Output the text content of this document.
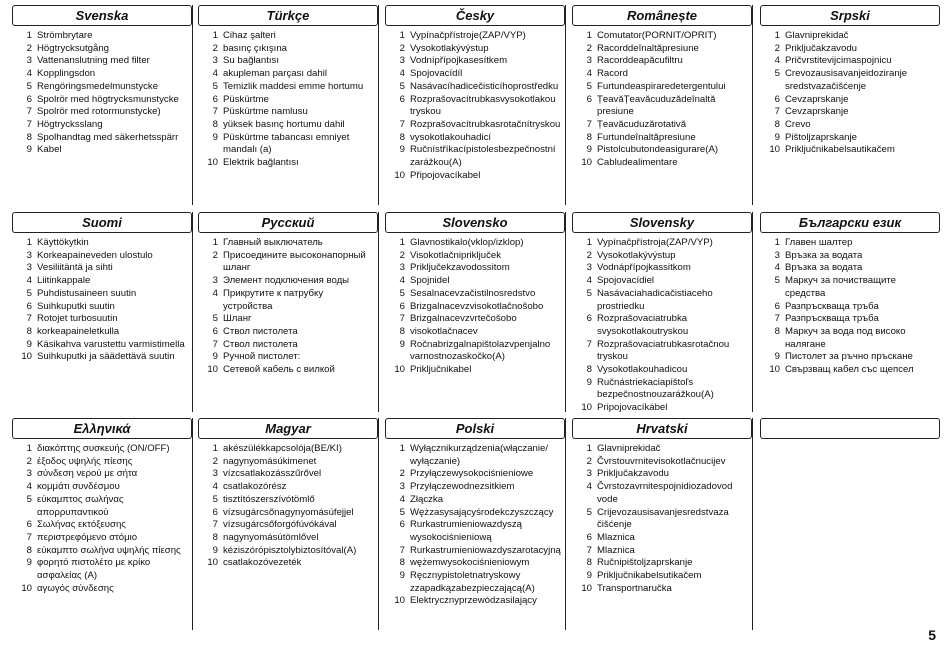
Svenska
1 Strömbrytare
2 Högtrycksutgång
3 Vattenanslutning med filter
4 Kopplingsdon
5 Rengöringsmedelmunstycke
6 Spolrör med högtrycksmunstycke
7 Spolrör med rotormunstycke)
7 Högtrycksslang
8 Spolhandtag med säkerhetsspärr
9 Kabel
Türkçe
1 Cihaz şalteri
2 basınç çıkışına
3 Su bağlantısı
4 akupleman parçası dahil
5 Temizlik maddesi emme hortumu
6 Püskürtme
7 Püskürtme namlusu
8 yüksek basınç hortumu dahil
9 Püskürtme tabancası emniyet mandalı (a)
10 Elektrik bağlantısı
Česky
1 Vypínačpřístroje(ZAP/VYP)
2 Vysokotlakývýstup
3 Vodnípřípojkasesítkem
4 Spojovacídíl
5 Nasávacíhadicečisticíhoprostředku
6 Rozprašovacítrubkasvysokotlakou tryskou
7 Rozprašovacítrubkasrotačnítryskou
8 vysokotlakouhadicí
9 Ručnístříkacípistolesbezpečnostní zarážkou(A)
10 Připojovacíkabel
Românește
1 Comutator(PORNIT/OPRIT)
2 Racorddeînaltăpresiune
3 Racorddeapăcufiltru
4 Racord
5 Furtundeaspiraredetergentului
6 ȚeavăȚeavăcuduzădeînaltă presiune
7 Țeavăcuduzărotativă
8 Furtundeînaltăpresiune
9 Pistolcubutondeasigurare(A)
10 Cabludealimentare
Srpski
1 Glavniprekidač
2 Priključakzavodu
4 Pričvrstitevijcimaspojnicu
5 Crevozausisavanjeidoziranje sredstvazačišćenje
6 Cevzaprskanje
7 Cevzaprskanje
8 Crevo
9 Pištoljzaprskanje
10 Priključnikabelsautikačem
Suomi
1 Käyttökytkin
3 Korkeapaineveden ulostulo
3 Vesiliitäntä ja sihti
4 Liitinkappale
5 Puhdistusaineen suutin
6 Suihkuputki suutin
7 Rotojet turbosuutin
8 korkeapaineletkulla
9 Käsikahva varustettu varmistimella
10 Suihkuputki ja säädettävä suutin
Русский
1 Главный выключатель
2 Присоедините высоконапорный шланг
3 Элемент подключения воды
4 Прикрутите к патрубку устройства
5 Шланг
6 Ствол пистолета
7 Ствол пистолета
9 Ручной пистолет:
10 Сетевой кабель с вилкой
Slovensko
1 Glavnostikalo(vklop/izklop)
2 Visokotlačnipriključek
3 Priključekzavodossitom
4 Spojnidel
5 Sesalnacevzačistilnosredstvo
6 Brizgalnacevzvisokotlačnošobo
7 Brizgalnacevzvrtečošobo
8 visokotlačnacev
9 Ročnabrizgalnapištolazvpenjalno varnostnozaskočko(A)
10 Priključnikabel
Slovensky
1 Vypínačpřístroja(ZAP/VYP)
2 Vysokotlakývýstup
3 Vodnápřípojkassitkom
4 Spojovacídiel
5 Nasávaciahadicačistiaceho prostriedku
6 Rozprašovaciatrubka svysokotlakoutryskou
7 Rozprašovaciatrubkasrotačnou tryskou
8 Vysokotlakouhadicou
9 Ručnástriekaciapištoľs bezpečnostnouzarážkou(A)
10 Pripojovacíkábel
Български език
1 Главен шалтер
3 Връзка за водата
4 Връзка за водата
5 Маркуч за почистващите средства
6 Разпръскваща тръба
7 Разпръскваща тръба
8 Маркуч за вода под високо налягане
9 Пистолет за ръчно пръскане
10 Свързващ кабел със щепсел
Ελληνικά
1 διακόπτης συσκευής (ON/OFF)
2 έξοδος υψηλής πίεσης
3 σύνδεση νερού με σήτα
4 κομμάτι συνδέσμου
5 εύκαμπτος σωλήνας απορρυπαντικού
6 Σωλήνας εκτόξευσης
7 περιστρεφόμενο στόμιο
8 εύκαμπτο σωλήνα υψηλής πίεσης
9 φορητό πιστολέτο με κρίκο ασφαλείας (A)
10 αγωγός σύνδεσης
Magyar
1 akészülékkapcsolója(BE/KI)
2 nagynyomásúkimenet
3 vízcsatlakozásszűrővel
4 csatlakozórész
5 tisztítószerszívótömlő
6 vízsugárcsőnagynyomásúfejjel
7 vízsugárcsőforgófúvókával
8 nagynyomásútömlővel
9 kéziszórópisztolybiztosítóval(A)
10 csatlakozóvezeték
Polski
1 Wyłącznikurządzenia(włączanie/ wyłączanie)
2 Przyłączewysokociśnieniowe
3 Przyłączewodnezsitkiem
4 Złączka
5 Wężzasysającyśrodekczyszczący
6 Rurkastrumieniowazdyszą wysokociśnieniową
7 Rurkastrumieniowazdyszarotacyjną
8 wężemwysokociśnieniowym
9 Ręcznypistoletnatryskowy zzapadkązabezpieczającą(A)
10 Elektrycznyprzewódzasilający
Hrvatski
1 Glavniprekidač
2 Čvrstouvrnitevisokotlačnucijev
3 Priključakzavodu
4 Čvrstozavrnitespojnidiozadovod vode
5 Crijevozausisavanjesredstvaza čišćenje
6 Mlaznica
7 Mlaznica
8 Ručnipištoljzaprskanje
9 Priključnikabelsutikačem
10 Transportnaručka
5
